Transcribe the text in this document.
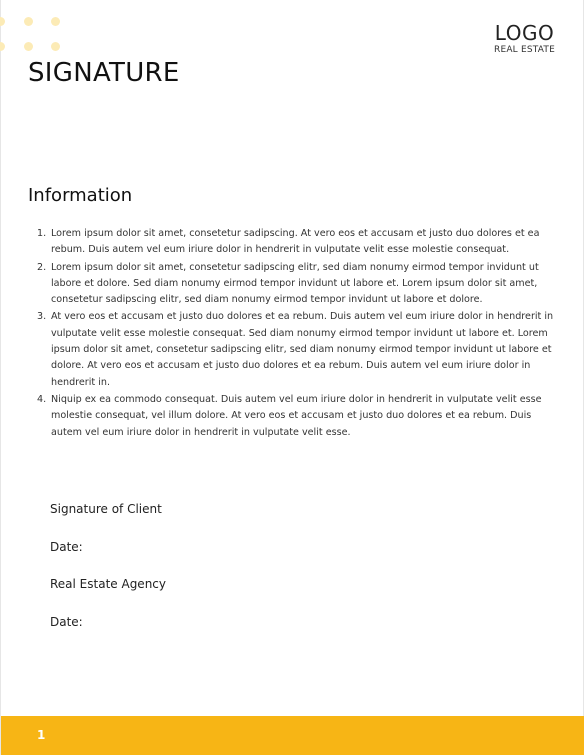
LOGO
REAL ESTATE
SIGNATURE
Information
1. Lorem ipsum dolor sit amet, consetetur sadipscing. At vero eos et accusam et justo duo dolores et ea rebum. Duis autem vel eum iriure dolor in hendrerit in vulputate velit esse molestie consequat.
2. Lorem ipsum dolor sit amet, consetetur sadipscing elitr, sed diam nonumy eirmod tempor invidunt ut labore et dolore. Sed diam nonumy eirmod tempor invidunt ut labore et. Lorem ipsum dolor sit amet, consetetur sadipscing elitr, sed diam nonumy eirmod tempor invidunt ut labore et dolore.
3. At vero eos et accusam et justo duo dolores et ea rebum. Duis autem vel eum iriure dolor in hendrerit in vulputate velit esse molestie consequat. Sed diam nonumy eirmod tempor invidunt ut labore et. Lorem ipsum dolor sit amet, consetetur sadipscing elitr, sed diam nonumy eirmod tempor invidunt ut labore et dolore. At vero eos et accusam et justo duo dolores et ea rebum. Duis autem vel eum iriure dolor in hendrerit in.
4. Niquip ex ea commodo consequat. Duis autem vel eum iriure dolor in hendrerit in vulputate velit esse molestie consequat, vel illum dolore. At vero eos et accusam et justo duo dolores et ea rebum. Duis autem vel eum iriure dolor in hendrerit in vulputate velit esse.
Signature of Client
Date:
Real Estate Agency
Date:
1
